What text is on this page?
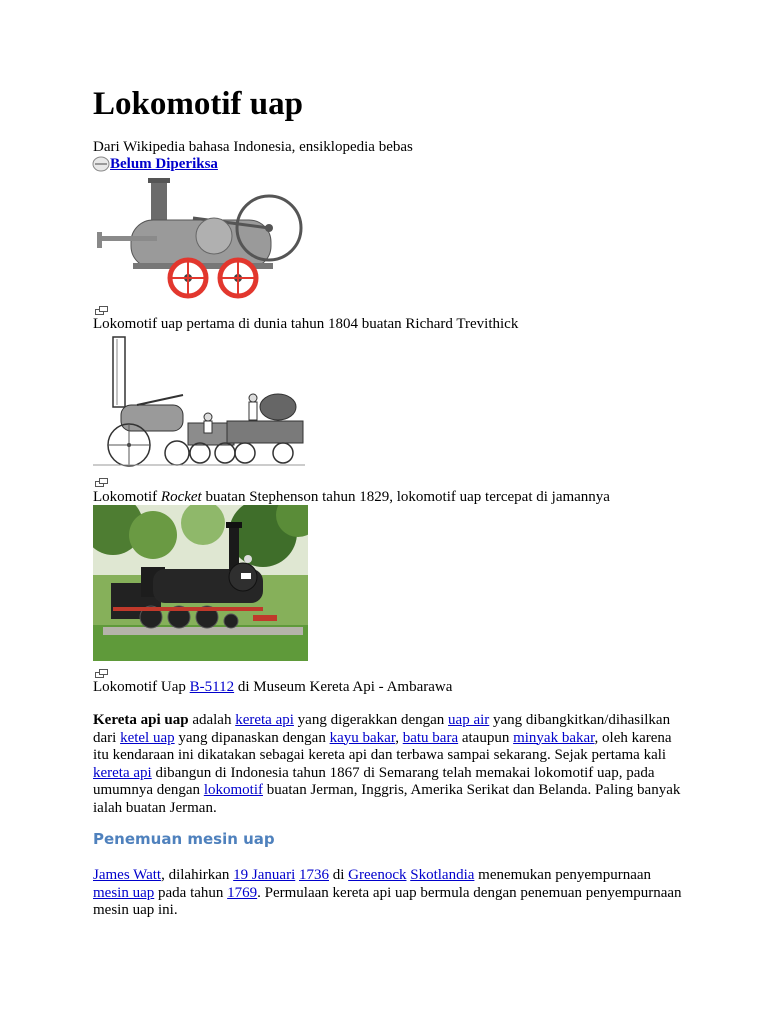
Lokomotif uap
Dari Wikipedia bahasa Indonesia, ensiklopedia bebas
Belum Diperiksa
Lokomotif uap pertama di dunia tahun 1804 buatan Richard Trevithick
Lokomotif Rocket buatan Stephenson tahun 1829, lokomotif uap tercepat di jamannya
Lokomotif Uap B-5112 di Museum Kereta Api - Ambarawa
Kereta api uap adalah kereta api yang digerakkan dengan uap air yang dibangkitkan/dihasilkan dari ketel uap yang dipanaskan dengan kayu bakar, batu bara ataupun minyak bakar, oleh karena itu kendaraan ini dikatakan sebagai kereta api dan terbawa sampai sekarang. Sejak pertama kali kereta api dibangun di Indonesia tahun 1867 di Semarang telah memakai lokomotif uap, pada umumnya dengan lokomotif buatan Jerman, Inggris, Amerika Serikat dan Belanda. Paling banyak ialah buatan Jerman.
Penemuan mesin uap
James Watt, dilahirkan 19 Januari 1736 di Greenock Skotlandia menemukan penyempurnaan mesin uap pada tahun 1769. Permulaan kereta api uap bermula dengan penemuan penyempurnaan mesin uap ini.
